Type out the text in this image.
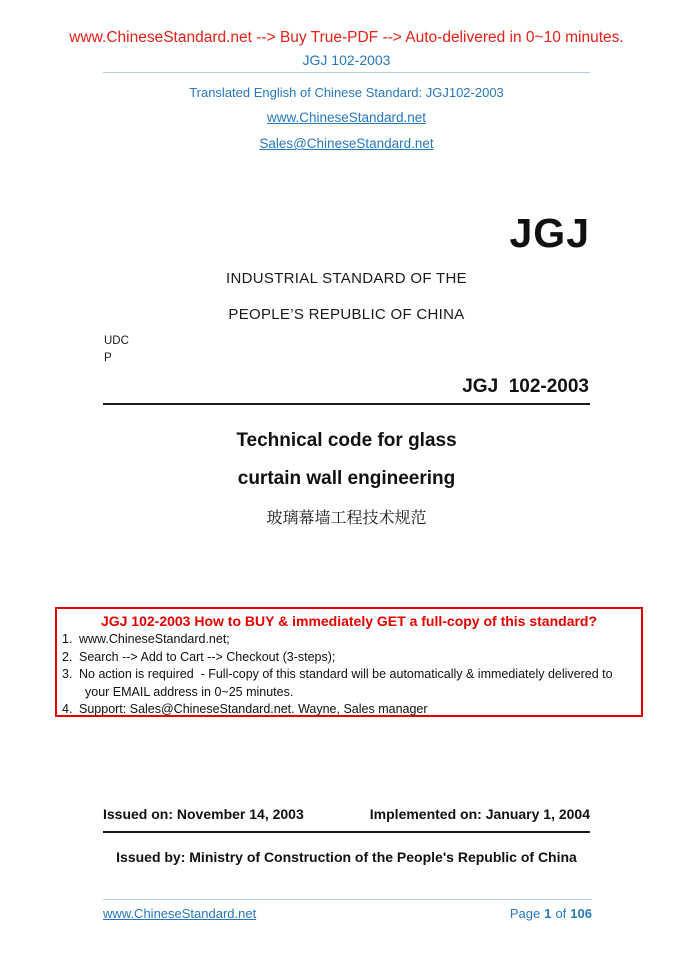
www.ChineseStandard.net --> Buy True-PDF --> Auto-delivered in 0~10 minutes.
JGJ 102-2003
Translated English of Chinese Standard: JGJ102-2003
www.ChineseStandard.net
Sales@ChineseStandard.net
JGJ
INDUSTRIAL STANDARD OF THE
PEOPLE’S REPUBLIC OF CHINA
UDC
P
JGJ  102-2003
Technical code for glass
curtain wall engineering
玻璃幕墙工程技术规范
JGJ 102-2003 How to BUY & immediately GET a full-copy of this standard?
1. www.ChineseStandard.net;
2. Search --> Add to Cart --> Checkout (3-steps);
3. No action is required  - Full-copy of this standard will be automatically & immediately delivered to your EMAIL address in 0~25 minutes.
4. Support: Sales@ChineseStandard.net. Wayne, Sales manager
Issued on: November 14, 2003	Implemented on: January 1, 2004
Issued by: Ministry of Construction of the People's Republic of China
www.ChineseStandard.net	Page 1 of 106
